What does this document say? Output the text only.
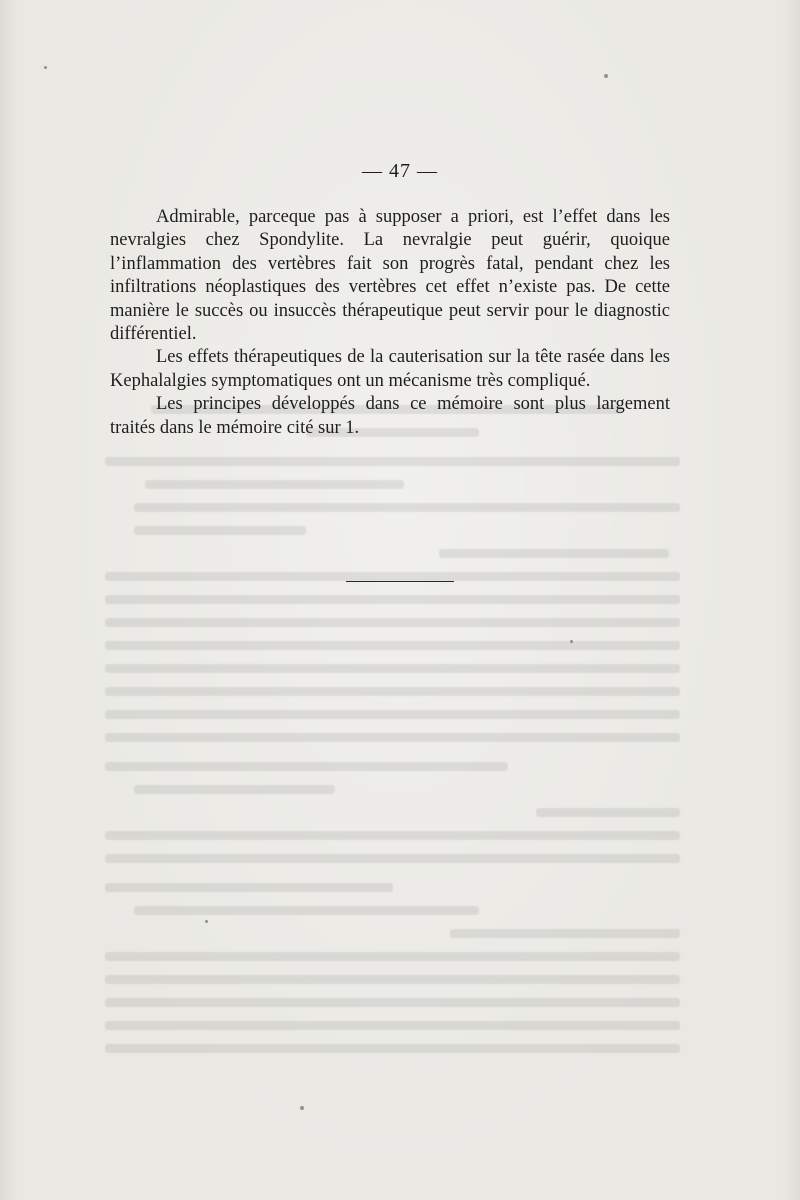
— 47 —

Admirable, parceque pas à supposer a priori, est l’effet dans les nevralgies chez Spondylite. La nevralgie peut guérir, quoique l’inflammation des vertèbres fait son progrès fatal, pendant chez les infiltrations néoplastiques des vertèbres cet effet n’existe pas. De cette manière le succès ou insuccès thérapeutique peut servir pour le diagnostic différentiel.

Les effets thérapeutiques de la cauterisation sur la tête rasée dans les Kephalalgies symptomatiques ont un mécanisme très compliqué.

Les principes développés dans ce mémoire sont plus largement traités dans le mémoire cité sur 1.
